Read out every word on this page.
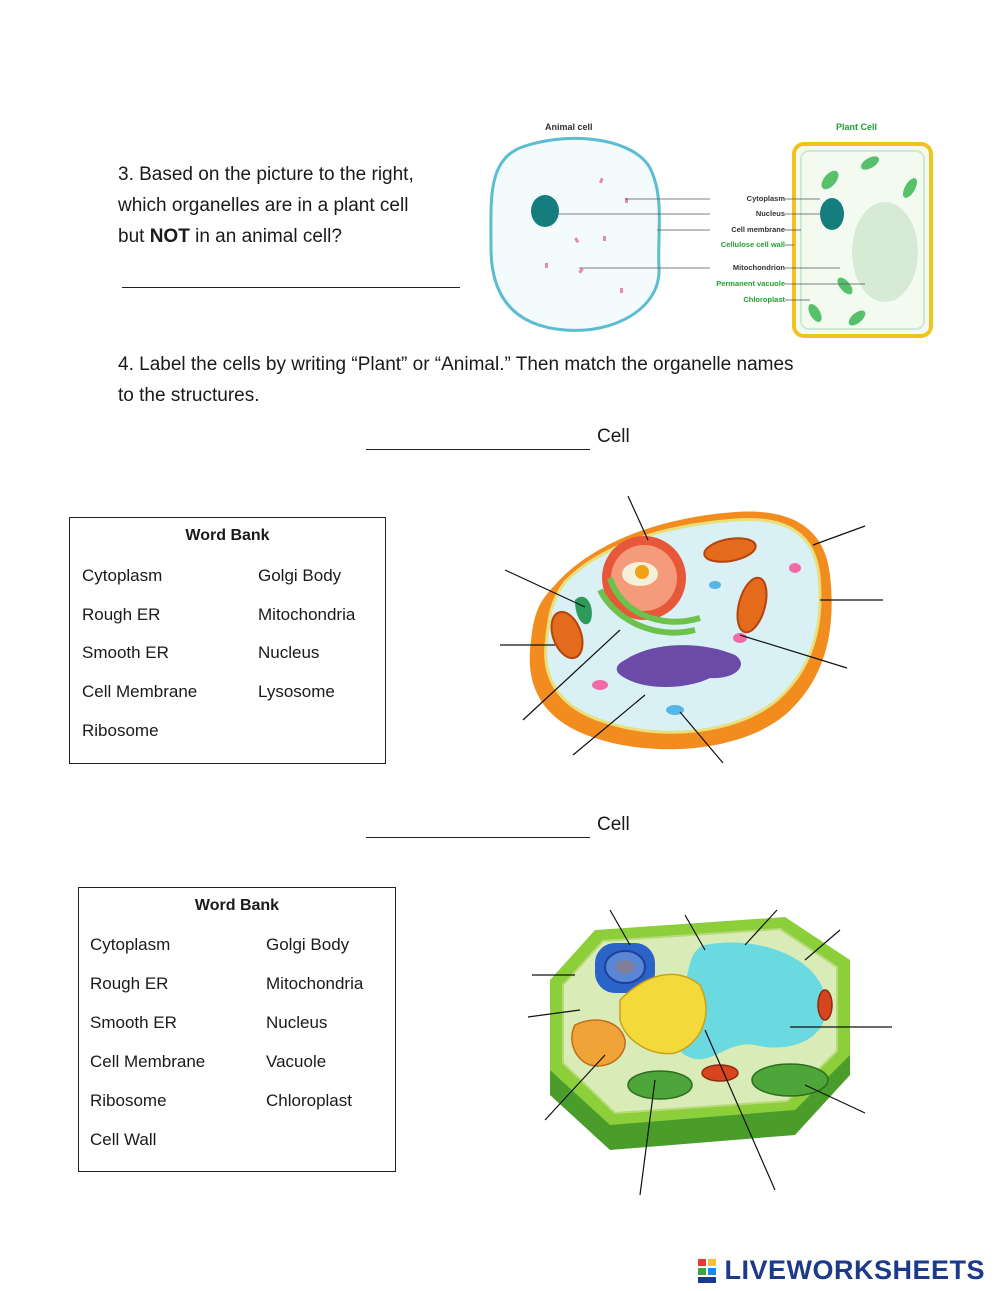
3. Based on the picture to the right,
which organelles are in a plant cell
but NOT in an animal cell?
Animal cell	Plant Cell
Cytoplasm
Nucleus
Cell membrane
Cellulose cell wall
Mitochondrion
Permanent vacuole
Chloroplast
4. Label the cells by writing “Plant” or “Animal.” Then match the organelle names
to the structures.
Cell
Word Bank
Cytoplasm
Rough ER
Smooth ER
Cell Membrane
Ribosome
Golgi Body
Mitochondria
Nucleus
Lysosome
Cell
Word Bank
Cytoplasm
Rough ER
Smooth ER
Cell Membrane
Ribosome
Cell Wall
Golgi Body
Mitochondria
Nucleus
Vacuole
Chloroplast
LIVEWORKSHEETS
